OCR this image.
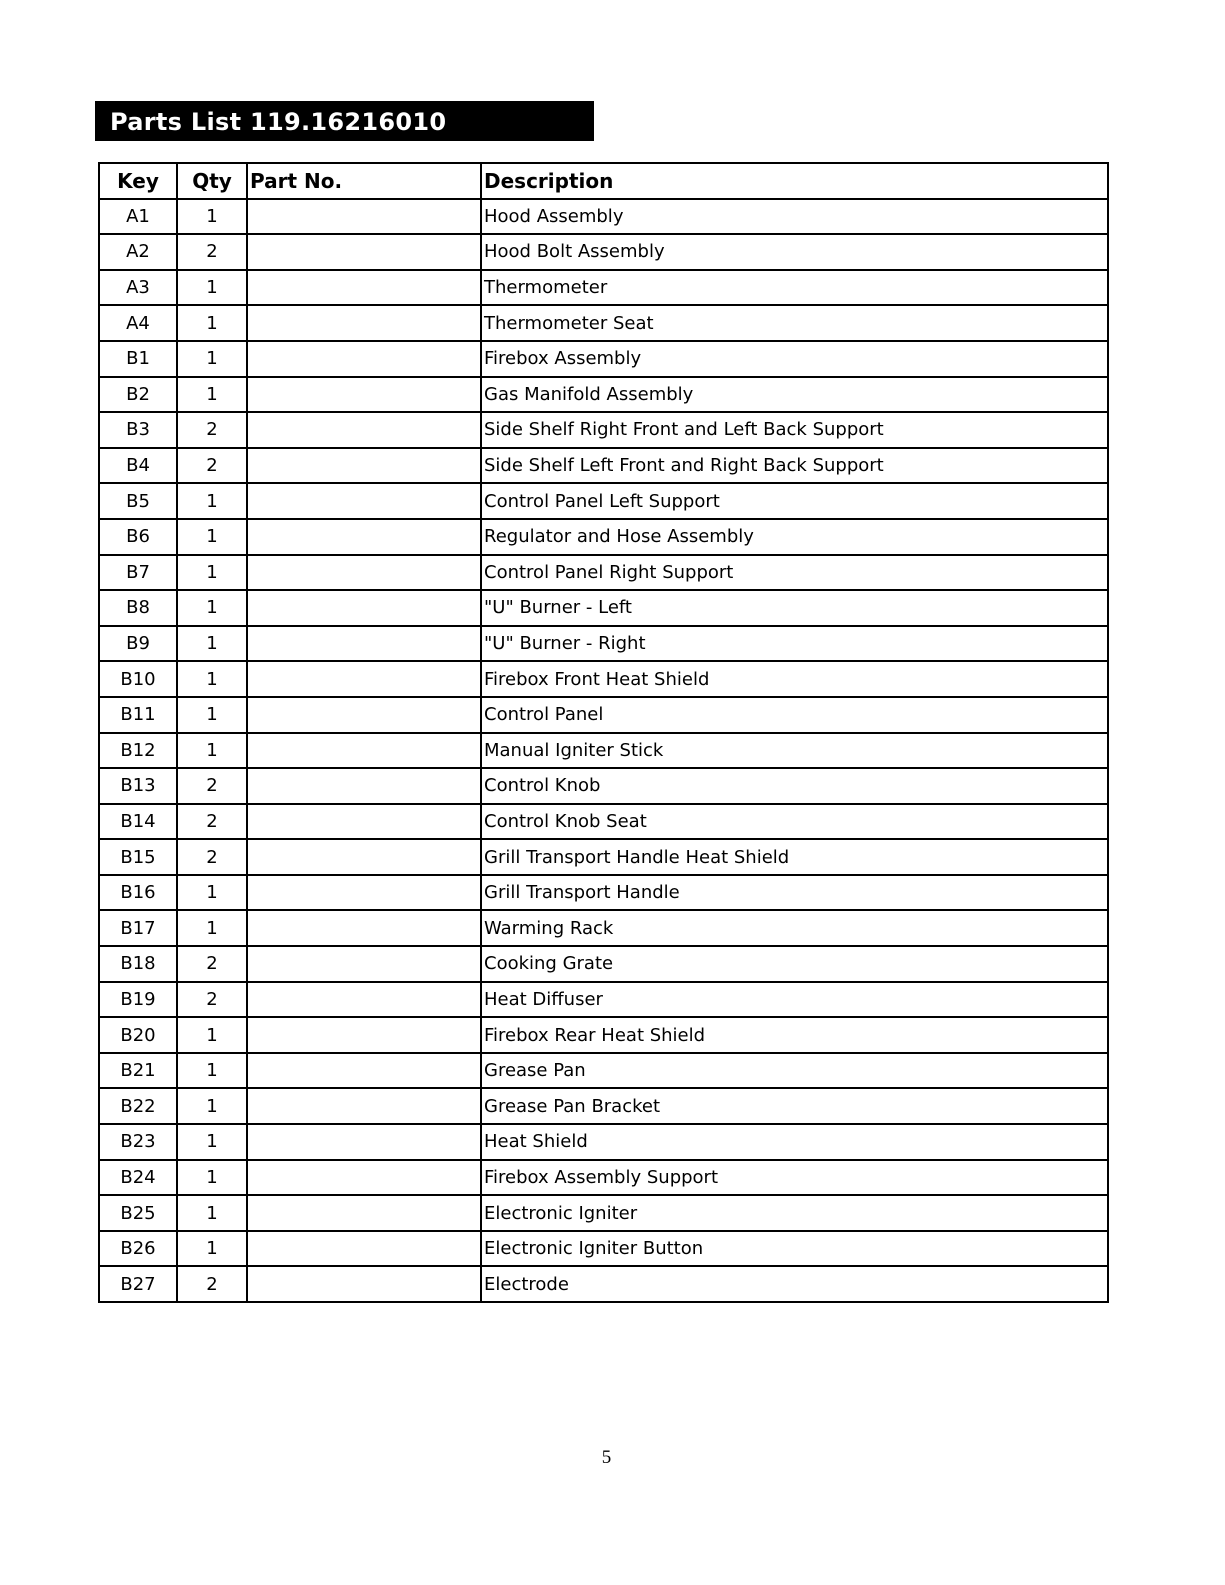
Parts List 119.16216010
Key	Qty	Part No.	Description
A1	1		Hood Assembly
A2	2		Hood Bolt Assembly
A3	1		Thermometer
A4	1		Thermometer Seat
B1	1		Firebox Assembly
B2	1		Gas Manifold Assembly
B3	2		Side Shelf Right Front and Left Back Support
B4	2		Side Shelf Left Front and Right Back Support
B5	1		Control Panel Left Support
B6	1		Regulator and Hose Assembly
B7	1		Control Panel Right Support
B8	1		"U" Burner - Left
B9	1		"U" Burner - Right
B10	1		Firebox Front Heat Shield
B11	1		Control Panel
B12	1		Manual Igniter Stick
B13	2		Control Knob
B14	2		Control Knob Seat
B15	2		Grill Transport Handle Heat Shield
B16	1		Grill Transport Handle
B17	1		Warming Rack
B18	2		Cooking Grate
B19	2		Heat Diffuser
B20	1		Firebox Rear Heat Shield
B21	1		Grease Pan
B22	1		Grease Pan Bracket
B23	1		Heat Shield
B24	1		Firebox Assembly Support
B25	1		Electronic Igniter
B26	1		Electronic Igniter Button
B27	2		Electrode
5
